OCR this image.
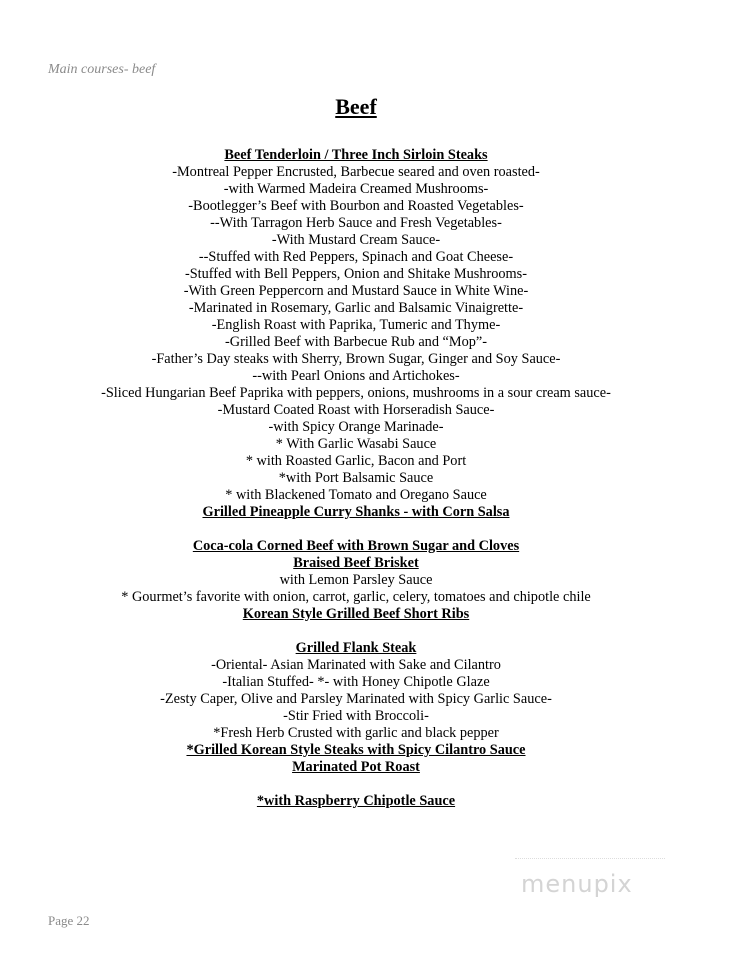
Main courses- beef
Beef
Beef Tenderloin / Three Inch Sirloin Steaks
-Montreal Pepper Encrusted, Barbecue seared and oven roasted-
-with Warmed Madeira Creamed Mushrooms-
-Bootlegger’s Beef with Bourbon and Roasted Vegetables-
--With Tarragon Herb Sauce and Fresh Vegetables-
-With Mustard Cream Sauce-
--Stuffed with Red Peppers, Spinach and Goat Cheese-
-Stuffed with Bell Peppers, Onion and Shitake Mushrooms-
-With Green Peppercorn and Mustard Sauce in White Wine-
-Marinated in Rosemary, Garlic and Balsamic Vinaigrette-
-English Roast with Paprika, Tumeric and Thyme-
-Grilled Beef with Barbecue Rub and “Mop”-
-Father’s Day steaks with Sherry, Brown Sugar, Ginger and Soy Sauce-
--with Pearl Onions and Artichokes-
-Sliced Hungarian Beef Paprika with peppers, onions, mushrooms in a sour cream sauce-
-Mustard Coated Roast with Horseradish Sauce-
-with Spicy Orange Marinade-
* With Garlic Wasabi Sauce
* with Roasted Garlic, Bacon and Port
*with Port Balsamic Sauce
* with Blackened Tomato and Oregano Sauce
Grilled Pineapple Curry Shanks - with Corn Salsa
Coca-cola Corned Beef with Brown Sugar and Cloves
Braised Beef Brisket
with Lemon Parsley Sauce
* Gourmet’s favorite with onion, carrot, garlic, celery, tomatoes and chipotle chile
Korean Style Grilled Beef Short Ribs
Grilled Flank Steak
-Oriental- Asian Marinated with Sake and Cilantro
-Italian Stuffed- *- with Honey Chipotle Glaze
-Zesty Caper, Olive and Parsley Marinated with Spicy Garlic Sauce-
-Stir Fried with Broccoli-
*Fresh Herb Crusted with garlic and black pepper
*Grilled Korean Style Steaks with Spicy Cilantro Sauce
Marinated Pot Roast
*with Raspberry Chipotle Sauce
Page 22
menupix
